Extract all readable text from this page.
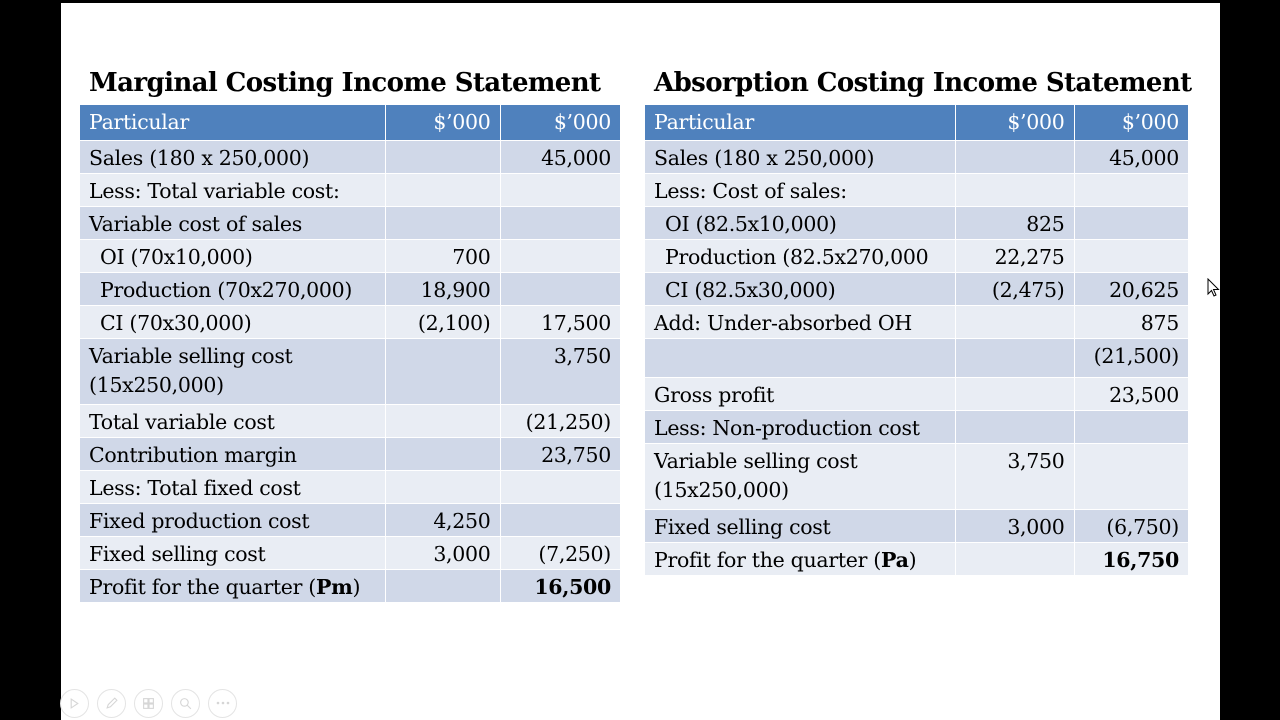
Marginal Costing Income Statement
Particular	$’000	$’000
Sales (180 x 250,000)		45,000
Less: Total variable cost:		
Variable cost of sales		
OI (70x10,000)	700	
Production (70x270,000)	18,900	
CI (70x30,000)	(2,100)	17,500
Variable selling cost (15x250,000)		3,750
Total variable cost		(21,250)
Contribution margin		23,750
Less: Total fixed cost		
Fixed production cost	4,250	
Fixed selling cost	3,000	(7,250)
Profit for the quarter (Pm)		16,500
Absorption Costing Income Statement
Particular	$’000	$’000
Sales (180 x 250,000)		45,000
Less: Cost of sales:		
OI (82.5x10,000)	825	
Production (82.5x270,000	22,275	
CI (82.5x30,000)	(2,475)	20,625
Add: Under-absorbed OH		875
		(21,500)
Gross profit		23,500
Less: Non-production cost		
Variable selling cost (15x250,000)	3,750	
Fixed selling cost	3,000	(6,750)
Profit for the quarter (Pa)		16,750
